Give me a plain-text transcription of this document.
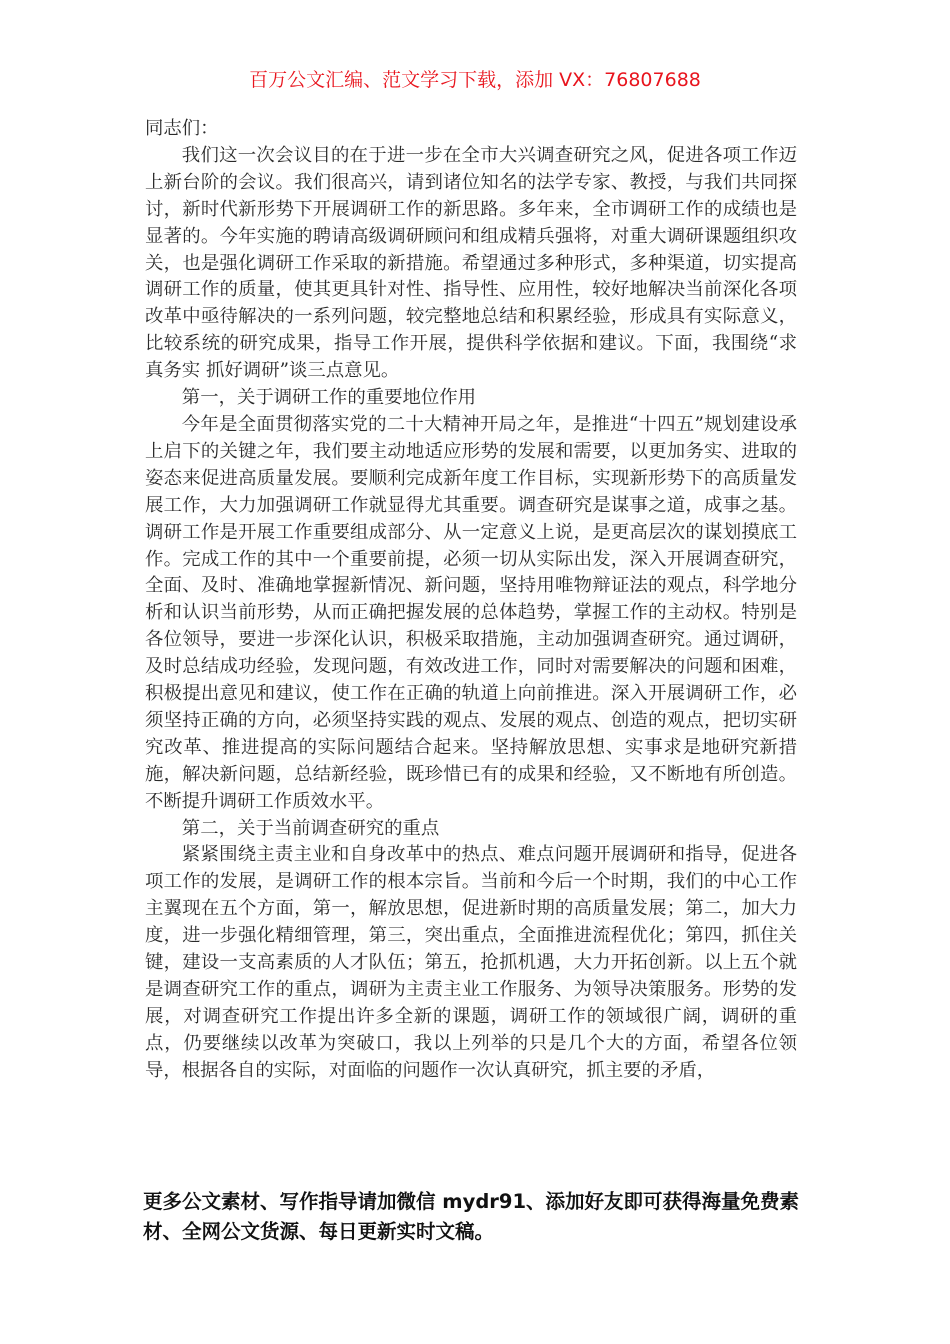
百万公文汇编、范文学习下载，添加 VX：76807688

同志们：

我们这一次会议目的在于进一步在全市大兴调查研究之风，促进各项工作迈上新台阶的会议。我们很高兴，请到诸位知名的法学专家、教授，与我们共同探讨，新时代新形势下开展调研工作的新思路。多年来，全市调研工作的成绩也是显著的。今年实施的聘请高级调研顾问和组成精兵强将，对重大调研课题组织攻关，也是强化调研工作采取的新措施。希望通过多种形式，多种渠道，切实提高调研工作的质量，使其更具针对性、指导性、应用性，较好地解决当前深化各项改革中亟待解决的一系列问题，较完整地总结和积累经验，形成具有实际意义，比较系统的研究成果，指导工作开展，提供科学依据和建议。下面，我围绕“求真务实 抓好调研”谈三点意见。

第一，关于调研工作的重要地位作用

今年是全面贯彻落实党的二十大精神开局之年，是推进“十四五”规划建设承上启下的关键之年，我们要主动地适应形势的发展和需要，以更加务实、进取的姿态来促进高质量发展。要顺利完成新年度工作目标，实现新形势下的高质量发展工作，大力加强调研工作就显得尤其重要。调查研究是谋事之道，成事之基。调研工作是开展工作重要组成部分、从一定意义上说，是更高层次的谋划摸底工作。完成工作的其中一个重要前提，必须一切从实际出发，深入开展调查研究，全面、及时、准确地掌握新情况、新问题，坚持用唯物辩证法的观点，科学地分析和认识当前形势，从而正确把握发展的总体趋势，掌握工作的主动权。特别是各位领导，要进一步深化认识，积极采取措施，主动加强调查研究。通过调研，及时总结成功经验，发现问题，有效改进工作，同时对需要解决的问题和困难，积极提出意见和建议，使工作在正确的轨道上向前推进。深入开展调研工作，必须坚持正确的方向，必须坚持实践的观点、发展的观点、创造的观点，把切实研究改革、推进提高的实际问题结合起来。坚持解放思想、实事求是地研究新措施，解决新问题，总结新经验，既珍惜已有的成果和经验，又不断地有所创造。不断提升调研工作质效水平。

第二，关于当前调查研究的重点

紧紧围绕主责主业和自身改革中的热点、难点问题开展调研和指导，促进各项工作的发展，是调研工作的根本宗旨。当前和今后一个时期，我们的中心工作主翼现在五个方面，第一，解放思想，促进新时期的高质量发展；第二，加大力度，进一步强化精细管理，第三，突出重点，全面推进流程优化；第四，抓住关键，建设一支高素质的人才队伍；第五，抢抓机遇，大力开拓创新。以上五个就是调查研究工作的重点，调研为主责主业工作服务、为领导决策服务。形势的发展，对调查研究工作提出许多全新的课题，调研工作的领域很广阔，调研的重点，仍要继续以改革为突破口，我以上列举的只是几个大的方面，希望各位领导，根据各自的实际，对面临的问题作一次认真研究，抓主要的矛盾，

更多公文素材、写作指导请加微信 mydr91、添加好友即可获得海量免费素材、全网公文货源、每日更新实时文稿。
